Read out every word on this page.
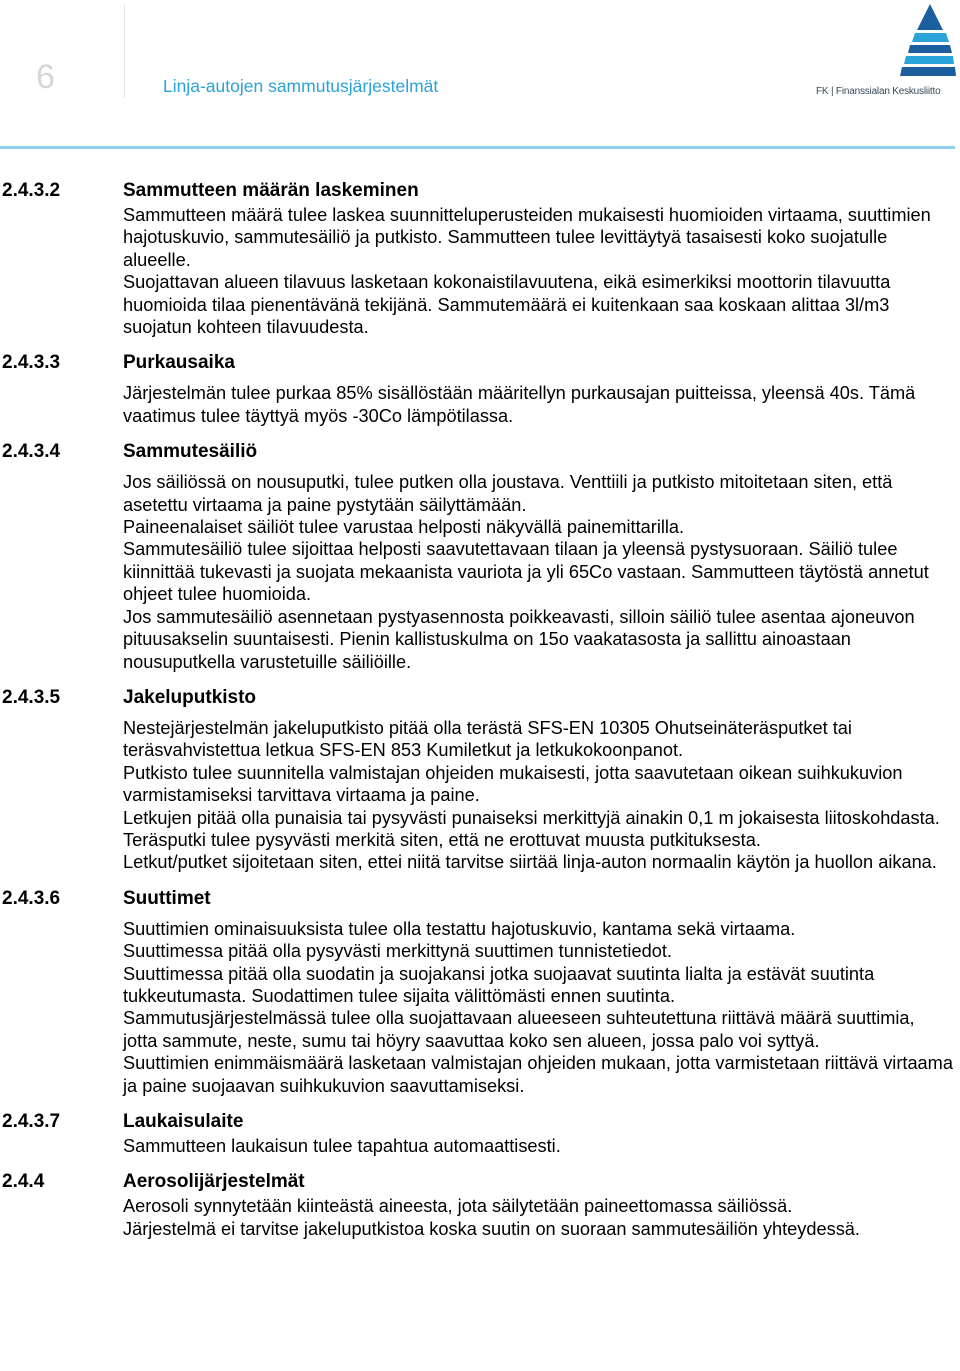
6	Linja-autojen sammutusjärjestelmät	FK | Finanssialan Keskusliitto
2.4.3.2	Sammutteen määrän laskeminen

Sammutteen määrä tulee laskea suunnitteluperusteiden mukaisesti huomioiden virtaama, suuttimien hajotuskuvio, sammutesäiliö ja putkisto. Sammutteen tulee levittäytyä tasaisesti koko suojatulle alueelle.

Suojattavan alueen tilavuus lasketaan kokonaistilavuutena, eikä esimerkiksi moottorin tilavuutta huomioida tilaa pienentävänä tekijänä. Sammutemäärä ei kuitenkaan saa koskaan alittaa 3l/m3 suojatun kohteen tilavuudesta.

2.4.3.3	Purkausaika

Järjestelmän tulee purkaa 85% sisällöstään määritellyn purkausajan puitteissa, yleensä 40s. Tämä vaatimus tulee täyttyä myös -30Co lämpötilassa.

2.4.3.4	Sammutesäiliö

Jos säiliössä on nousuputki, tulee putken olla joustava. Venttiili ja putkisto mitoitetaan siten, että asetettu virtaama ja paine pystytään säilyttämään.

Paineenalaiset säiliöt tulee varustaa helposti näkyvällä painemittarilla.

Sammutesäiliö tulee sijoittaa helposti saavutettavaan tilaan ja yleensä pystysuoraan. Säiliö tulee kiinnittää tukevasti ja suojata mekaanista vauriota ja yli 65Co vastaan. Sammutteen täytöstä annetut ohjeet tulee huomioida.

Jos sammutesäiliö asennetaan pystyasennosta poikkeavasti, silloin säiliö tulee asentaa ajoneuvon pituusakselin suuntaisesti. Pienin kallistuskulma on 15o vaakatasosta ja sallittu ainoastaan nousuputkella varustetuille säiliöille.

2.4.3.5	Jakeluputkisto

Nestejärjestelmän jakeluputkisto pitää olla terästä SFS-EN 10305 Ohutseinäteräsputket tai teräsvahvistettua letkua SFS-EN 853 Kumiletkut ja letkukokoonpanot.

Putkisto tulee suunnitella valmistajan ohjeiden mukaisesti, jotta saavutetaan oikean suihkukuvion varmistamiseksi tarvittava virtaama ja paine.

Letkujen pitää olla punaisia tai pysyvästi punaiseksi merkittyjä ainakin 0,1 m jokaisesta liitoskohdasta. Teräsputki tulee pysyvästi merkitä siten, että ne erottuvat muusta putkituksesta.

Letkut/putket sijoitetaan siten, ettei niitä tarvitse siirtää linja-auton normaalin käytön ja huollon aikana.

2.4.3.6	Suuttimet

Suuttimien ominaisuuksista tulee olla testattu hajotuskuvio, kantama sekä virtaama.

Suuttimessa pitää olla pysyvästi merkittynä suuttimen tunnistetiedot.

Suuttimessa pitää olla suodatin ja suojakansi jotka suojaavat suutinta lialta ja estävät suutinta tukkeutumasta. Suodattimen tulee sijaita välittömästi ennen suutinta.

Sammutusjärjestelmässä tulee olla suojattavaan alueeseen suhteutettuna riittävä määrä suuttimia, jotta sammute, neste, sumu tai höyry saavuttaa koko sen alueen, jossa palo voi syttyä.

Suuttimien enimmäismäärä lasketaan valmistajan ohjeiden mukaan, jotta varmistetaan riittävä virtaama ja paine suojaavan suihkukuvion saavuttamiseksi.

2.4.3.7	Laukaisulaite

Sammutteen laukaisun tulee tapahtua automaattisesti.

2.4.4	Aerosolijärjestelmät

Aerosoli synnytetään kiinteästä aineesta, jota säilytetään paineettomassa säiliössä.

Järjestelmä ei tarvitse jakeluputkistoa koska suutin on suoraan sammutesäiliön yhteydessä.
